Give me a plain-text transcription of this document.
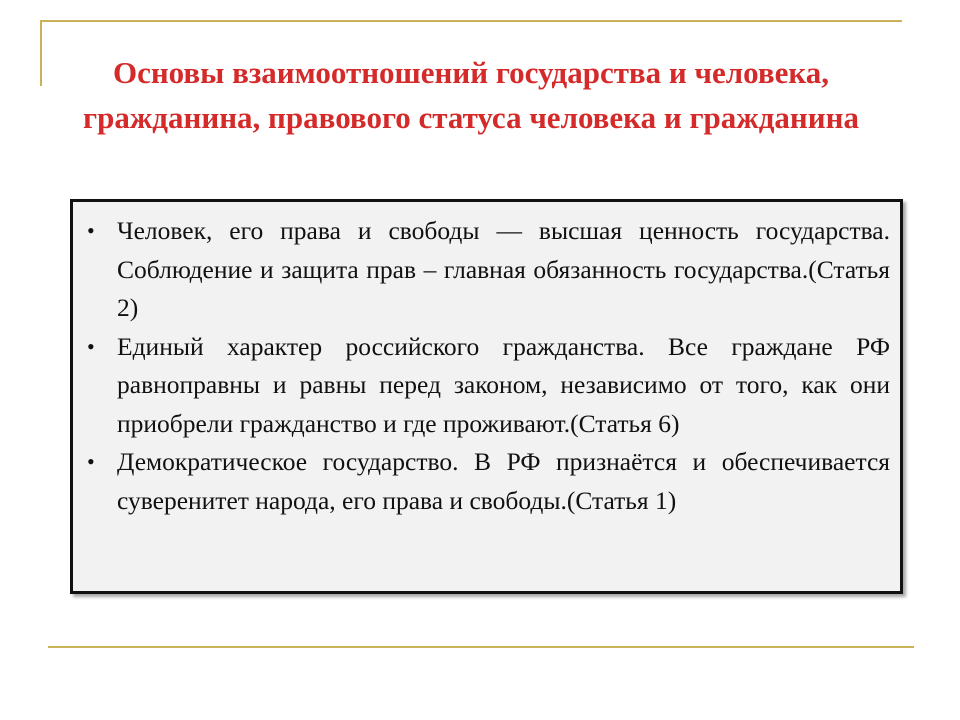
Основы взаимоотношений государства и человека, гражданина, правового статуса человека и гражданина
• Человек, его права и свободы — высшая ценность государства. Соблюдение и защита прав – главная обязанность государства.(Статья 2)
• Единый характер российского гражданства. Все граждане РФ равноправны и равны перед законом, независимо от того, как они приобрели гражданство и где проживают.(Статья 6)
• Демократическое государство. В РФ признаётся и обеспечивается суверенитет народа, его права и свободы.(Статья 1)
